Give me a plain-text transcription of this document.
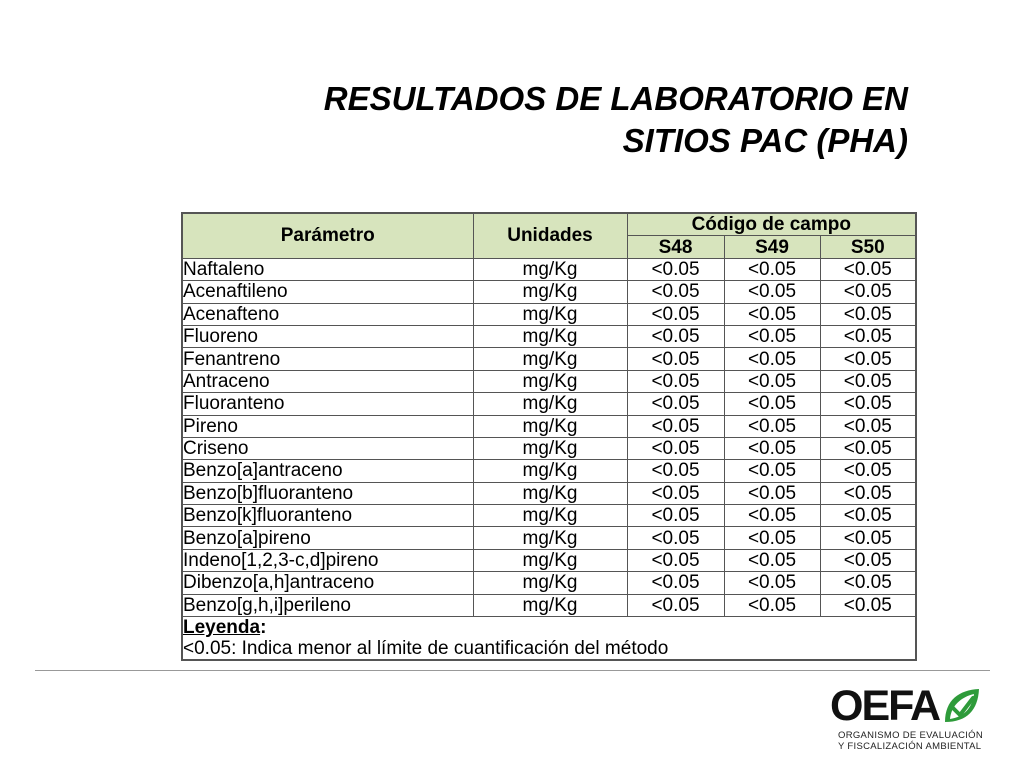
RESULTADOS DE LABORATORIO EN
SITIOS PAC (PHA)
Parámetro	Unidades	Código de campo		
		S48	S49	S50
Naftaleno	mg/Kg	<0.05	<0.05	<0.05
Acenaftileno	mg/Kg	<0.05	<0.05	<0.05
Acenafteno	mg/Kg	<0.05	<0.05	<0.05
Fluoreno	mg/Kg	<0.05	<0.05	<0.05
Fenantreno	mg/Kg	<0.05	<0.05	<0.05
Antraceno	mg/Kg	<0.05	<0.05	<0.05
Fluoranteno	mg/Kg	<0.05	<0.05	<0.05
Pireno	mg/Kg	<0.05	<0.05	<0.05
Criseno	mg/Kg	<0.05	<0.05	<0.05
Benzo[a]antraceno	mg/Kg	<0.05	<0.05	<0.05
Benzo[b]fluoranteno	mg/Kg	<0.05	<0.05	<0.05
Benzo[k]fluoranteno	mg/Kg	<0.05	<0.05	<0.05
Benzo[a]pireno	mg/Kg	<0.05	<0.05	<0.05
Indeno[1,2,3-c,d]pireno	mg/Kg	<0.05	<0.05	<0.05
Dibenzo[a,h]antraceno	mg/Kg	<0.05	<0.05	<0.05
Benzo[g,h,i]perileno	mg/Kg	<0.05	<0.05	<0.05

Leyenda:
<0.05: Indica menor al límite de cuantificación del método				
OEFA
ORGANISMO DE EVALUACIÓN
Y FISCALIZACIÓN AMBIENTAL
